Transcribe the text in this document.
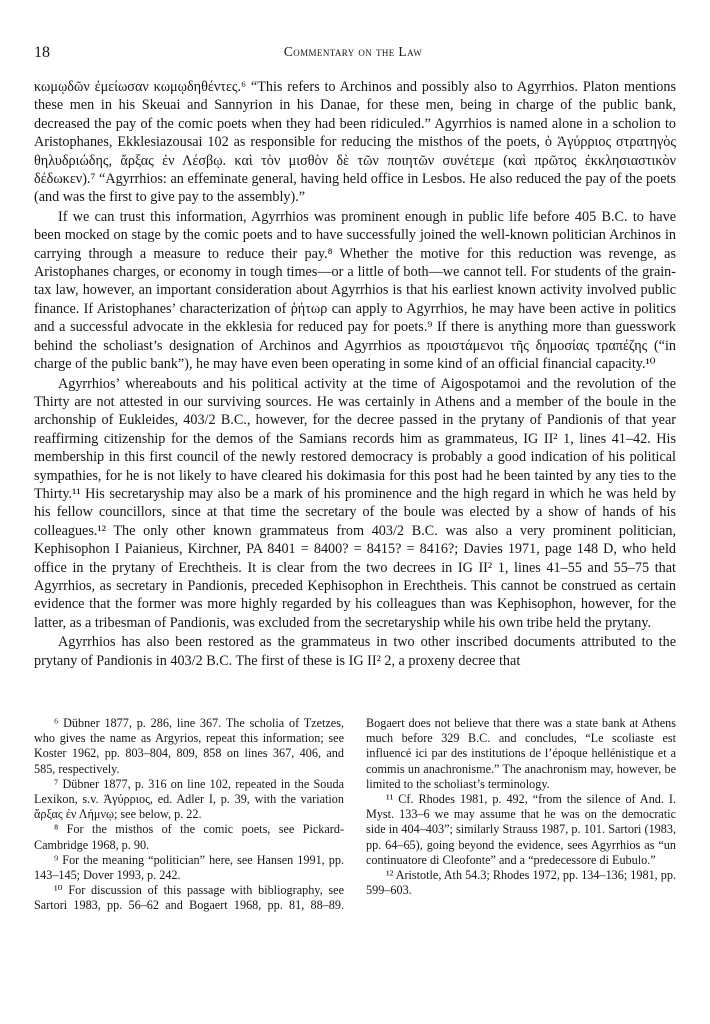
18	Commentary on the Law

κωμῳδῶν ἐμείωσαν κωμῳδηθέντες.⁶ “This refers to Archinos and possibly also to Agyrrhios. Platon mentions these men in his Skeuai and Sannyrion in his Danae, for these men, being in charge of the public bank, decreased the pay of the comic poets when they had been ridiculed.” Agyrrhios is named alone in a scholion to Aristophanes, Ekklesiazousai 102 as responsible for reducing the misthos of the poets, ὁ Ἀγύρριος στρατηγὸς θηλυδριώδης, ἄρξας ἐν Λέσβῳ. καὶ τὸν μισθὸν δὲ τῶν ποιητῶν συνέτεμε (καὶ πρῶτος ἐκκλησιαστικὸν δέδωκεν).⁷ “Agyrrhios: an effeminate general, having held office in Lesbos. He also reduced the pay of the poets (and was the first to give pay to the assembly).”

If we can trust this information, Agyrrhios was prominent enough in public life before 405 B.C. to have been mocked on stage by the comic poets and to have successfully joined the well-known politician Archinos in carrying through a measure to reduce their pay.⁸ Whether the motive for this reduction was revenge, as Aristophanes charges, or economy in tough times—or a little of both—we cannot tell. For students of the grain-tax law, however, an important consideration about Agyrrhios is that his earliest known activity involved public finance. If Aristophanes’ characterization of ῥήτωρ can apply to Agyrrhios, he may have been active in politics and a successful advocate in the ekklesia for reduced pay for poets.⁹ If there is anything more than guesswork behind the scholiast’s designation of Archinos and Agyrrhios as προιστάμενοι τῆς δημοσίας τραπέζης (“in charge of the public bank”), he may have even been operating in some kind of an official financial capacity.¹⁰

Agyrrhios’ whereabouts and his political activity at the time of Aigospotamoi and the revolution of the Thirty are not attested in our surviving sources. He was certainly in Athens and a member of the boule in the archonship of Eukleides, 403/2 B.C., however, for the decree passed in the prytany of Pandionis of that year reaffirming citizenship for the demos of the Samians records him as grammateus, IG II² 1, lines 41–42. His membership in this first council of the newly restored democracy is probably a good indication of his political sympathies, for he is not likely to have cleared his dokimasia for this post had he been tainted by any ties to the Thirty.¹¹ His secretaryship may also be a mark of his prominence and the high regard in which he was held by his fellow councillors, since at that time the secretary of the boule was elected by a show of hands of his colleagues.¹² The only other known grammateus from 403/2 B.C. was also a very prominent politician, Kephisophon I Paianieus, Kirchner, PA 8401 = 8400? = 8415? = 8416?; Davies 1971, page 148 D, who held office in the prytany of Erechtheis. It is clear from the two decrees in IG II² 1, lines 41–55 and 55–75 that Agyrrhios, as secretary in Pandionis, preceded Kephisophon in Erechtheis. This cannot be construed as certain evidence that the former was more highly regarded by his colleagues than was Kephisophon, however, for the latter, as a tribesman of Pandionis, was excluded from the secretaryship while his own tribe held the prytany.

Agyrrhios has also been restored as the grammateus in two other inscribed documents attributed to the prytany of Pandionis in 403/2 B.C. The first of these is IG II² 2, a proxeny decree that

⁶ Dübner 1877, p. 286, line 367. The scholia of Tzetzes, who gives the name as Argyrios, repeat this information; see Koster 1962, pp. 803–804, 809, 858 on lines 367, 406, and 585, respectively.

⁷ Dübner 1877, p. 316 on line 102, repeated in the Souda Lexikon, s.v. Ἀγύρριος, ed. Adler I, p. 39, with the variation ἄρξας ἐν Λήμνῳ; see below, p. 22.

⁸ For the misthos of the comic poets, see Pickard-Cambridge 1968, p. 90.

⁹ For the meaning “politician” here, see Hansen 1991, pp. 143–145; Dover 1993, p. 242.

¹⁰ For discussion of this passage with bibliography, see Sartori 1983, pp. 56–62 and Bogaert 1968, pp. 81, 88–89. Bogaert does not believe that there was a state bank at Athens much before 329 B.C. and concludes, “Le scoliaste est influencé ici par des institutions de l’époque hellénistique et a commis un anachronisme.” The anachronism may, however, be limited to the scholiast’s terminology.

¹¹ Cf. Rhodes 1981, p. 492, “from the silence of And. I. Myst. 133–6 we may assume that he was on the democratic side in 404–403”; similarly Strauss 1987, p. 101. Sartori (1983, pp. 64–65), going beyond the evidence, sees Agyrrhios as “un continuatore di Cleofonte” and a “predecessore di Eubulo.”

¹² Aristotle, Ath 54.3; Rhodes 1972, pp. 134–136; 1981, pp. 599–603.
